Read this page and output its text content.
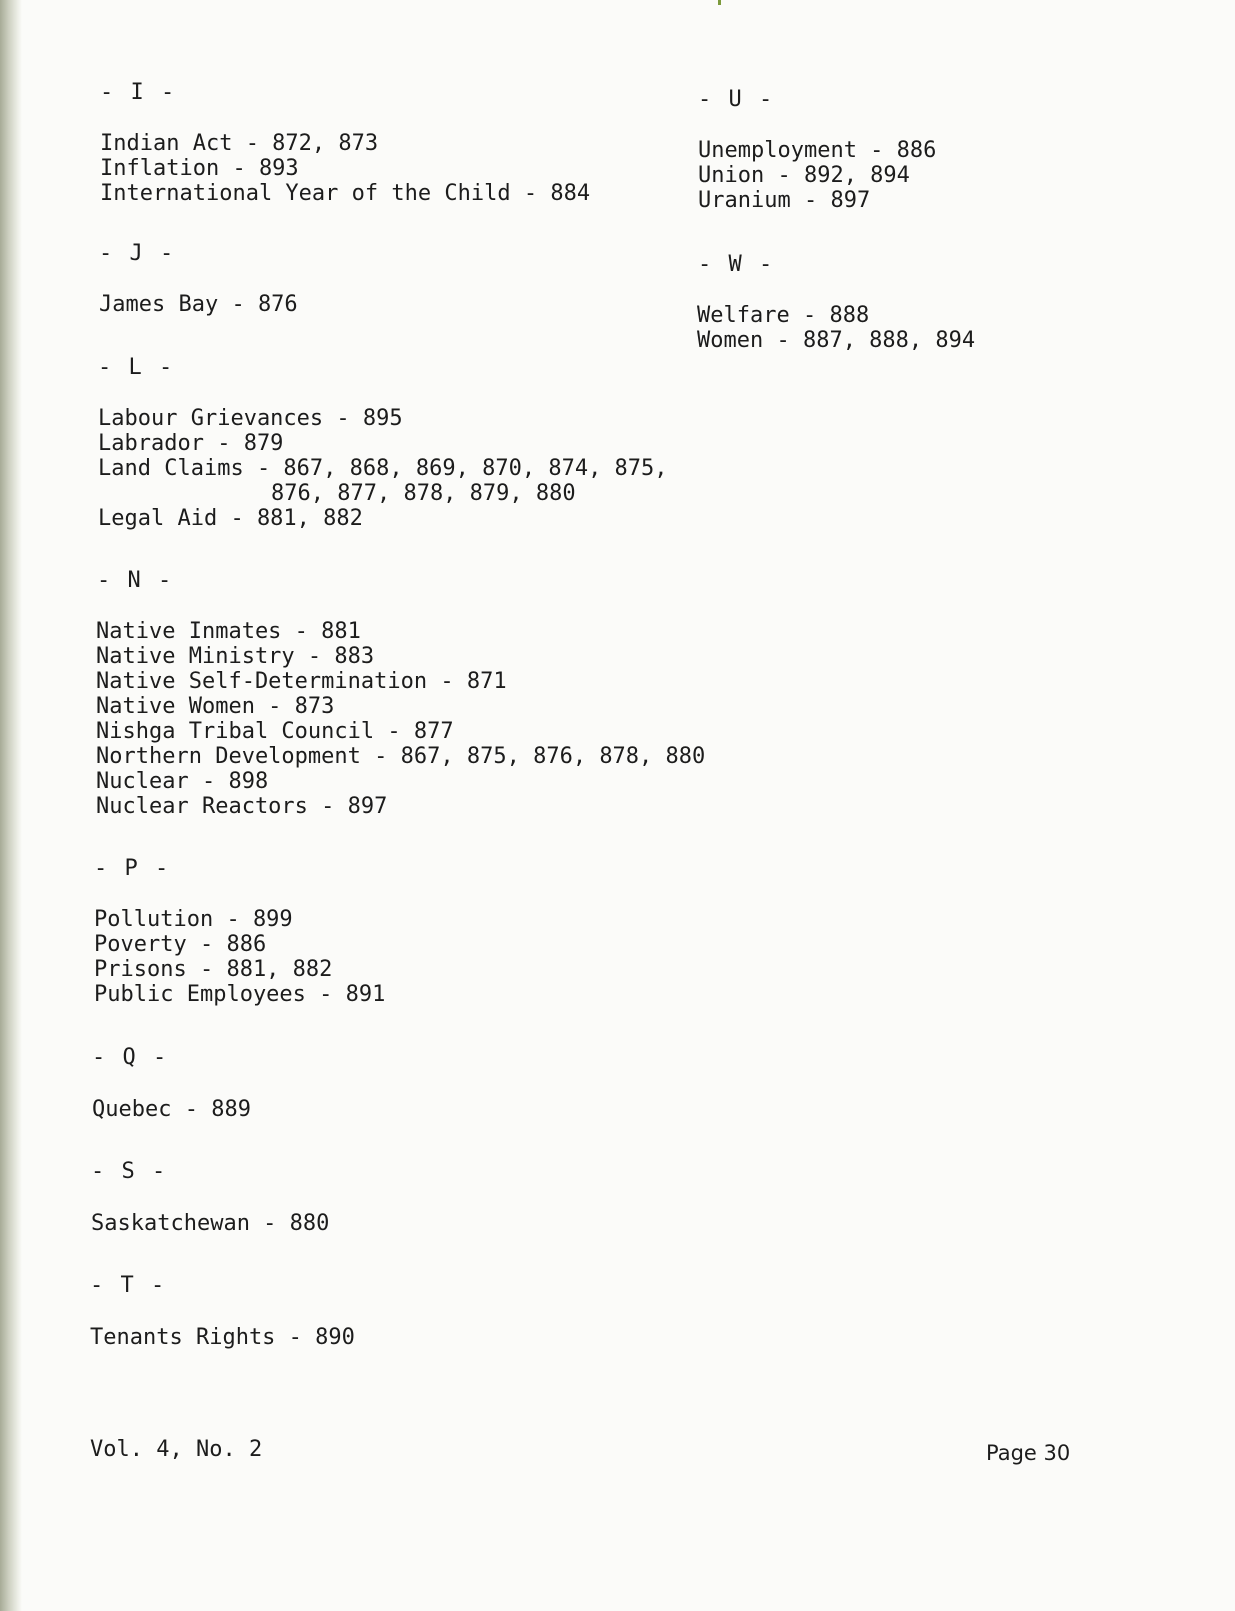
- I -
Indian Act - 872, 873
Inflation - 893
International Year of the Child - 884
- J -
James Bay - 876
- L -
Labour Grievances - 895
Labrador - 879
Land Claims - 867, 868, 869, 870, 874, 875,
876, 877, 878, 879, 880
Legal Aid - 881, 882
- N -
Native Inmates - 881
Native Ministry - 883
Native Self-Determination - 871
Native Women - 873
Nishga Tribal Council - 877
Northern Development - 867, 875, 876, 878, 880
Nuclear - 898
Nuclear Reactors - 897
- P -
Pollution - 899
Poverty - 886
Prisons - 881, 882
Public Employees - 891
- Q -
Quebec - 889
- S -
Saskatchewan - 880
- T -
Tenants Rights - 890
- U -
Unemployment - 886
Union - 892, 894
Uranium - 897
- W -
Welfare - 888
Women - 887, 888, 894
Vol. 4, No. 2	Page 30
